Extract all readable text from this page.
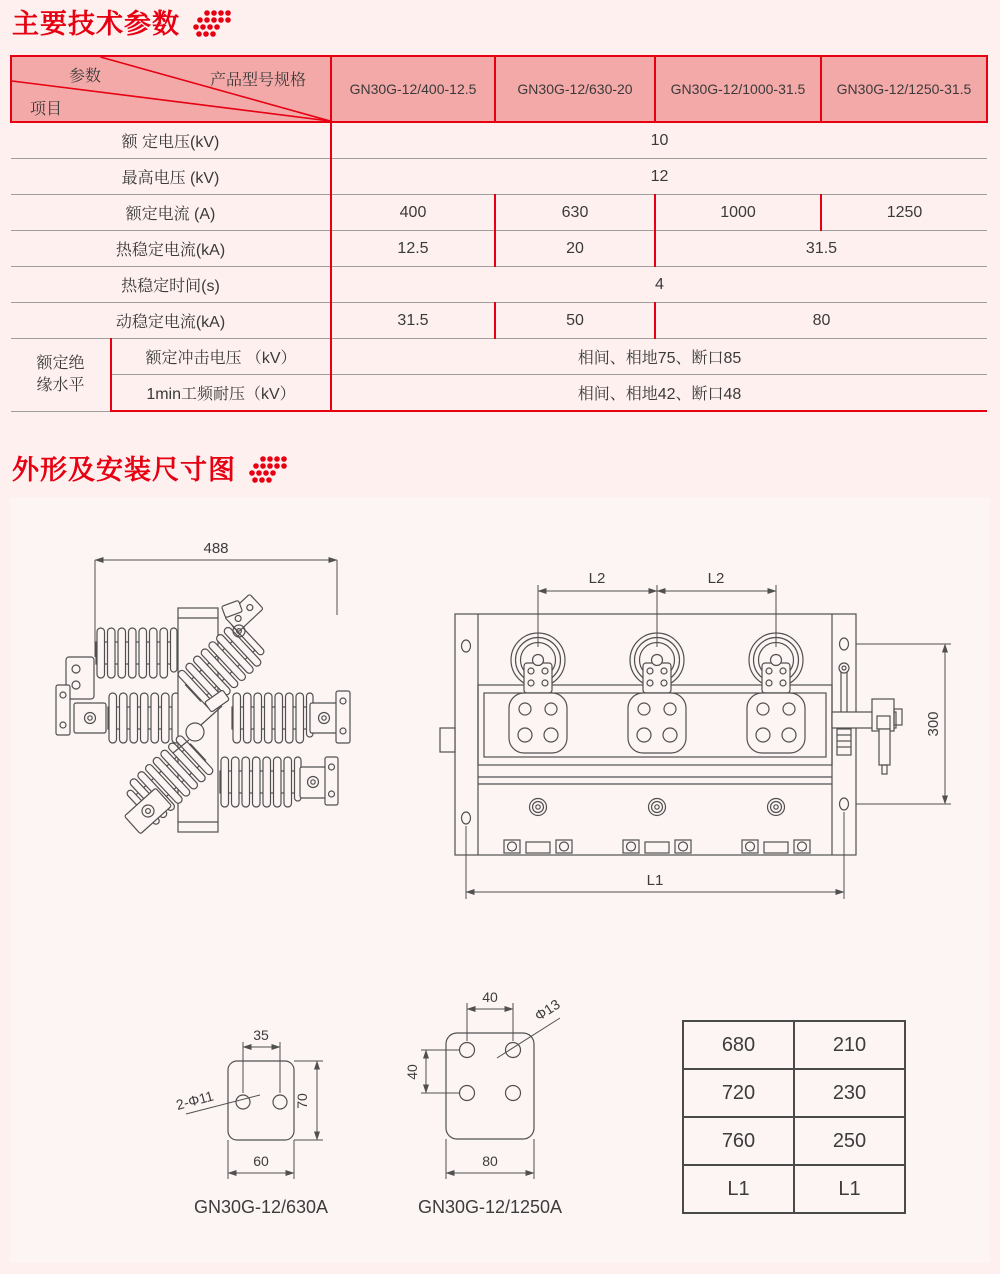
主要技术参数
参数 产品型号规格
项目		GN30G-12/400-12.5	GN30G-12/630-20	GN30G-12/1000-31.5	GN30G-12/1250-31.5
额 定电压(kV)		10			
最高电压 (kV)		12			
额定电流 (A)		400	630	1000	1250
热稳定电流(kA)		12.5	20	31.5	
热稳定时间(s)		4			
动稳定电流(kA)		31.5	50	80	

额定绝
缘水平	额定冲击电压 （kV）	相间、相地75、断口85			
	1min工频耐压（kV）	相间、相地42、断口48			
外形及安装尺寸图
488
L2	L2
300
L1
35
70
60
2-Φ11
GN30G-12/630A
40
40
80
Φ13
GN30G-12/1250A
680	210
720	230
760	250
L1	L1
